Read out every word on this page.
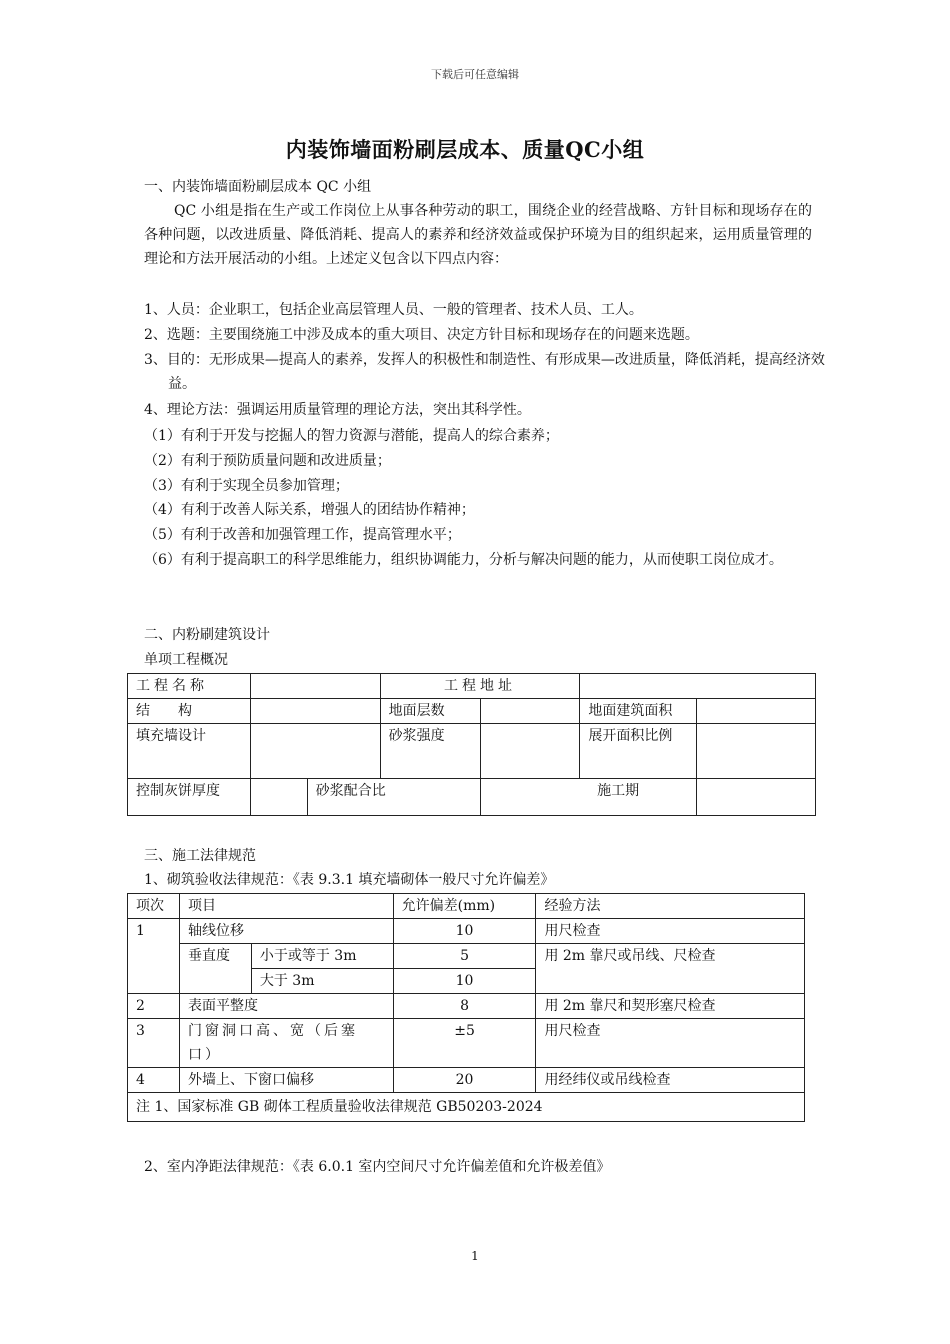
下载后可任意编辑
内装饰墙面粉刷层成本、质量QC小组
一、内装饰墙面粉刷层成本 QC 小组
QC 小组是指在生产或工作岗位上从事各种劳动的职工，围绕企业的经营战略、方针目标和现场存在的各种问题，以改进质量、降低消耗、提高人的素养和经济效益或保护环境为目的组织起来，运用质量管理的理论和方法开展活动的小组。上述定义包含以下四点内容：
1、人员：企业职工，包括企业高层管理人员、一般的管理者、技术人员、工人。
2、选题：主要围绕施工中涉及成本的重大项目、决定方针目标和现场存在的问题来选题。
3、目的：无形成果—提高人的素养，发挥人的积极性和制造性、有形成果—改进质量，降低消耗，提高经济效益。
4、理论方法：强调运用质量管理的理论方法，突出其科学性。
（1）有利于开发与挖掘人的智力资源与潜能，提高人的综合素养；
（2）有利于预防质量问题和改进质量；
（3）有利于实现全员参加管理；
（4）有利于改善人际关系，增强人的团结协作精神；
（5）有利于改善和加强管理工作，提高管理水平；
（6）有利于提高职工的科学思维能力，组织协调能力，分析与解决问题的能力，从而使职工岗位成才。
二、内粉刷建筑设计
单项工程概况
工程名称			工程地址			
结　　构			地面层数		地面建筑面积	
填充墙设计			砂浆强度		展开面积比例	
控制灰饼厚度		砂浆配合比				施工期
三、施工法律规范
1、砌筑验收法律规范：《表 9.3.1 填充墙砌体一般尺寸允许偏差》
项次	项目		允许偏差(mm)	经验方法
1	轴线位移		10	用尺检查
	垂直度	小于或等于 3m	5	用 2m 靠尺或吊线、尺检查
		大于 3m	10	
2	表面平整度		8	用 2m 靠尺和契形塞尺检查
3	门窗洞口高、宽（后塞口）		±5	用尺检查
4	外墙上、下窗口偏移		20	用经纬仪或吊线检查
注 1、国家标准 GB 砌体工程质量验收法律规范 GB50203-2024				
2、室内净距法律规范：《表 6.0.1 室内空间尺寸允许偏差值和允许极差值》
1
